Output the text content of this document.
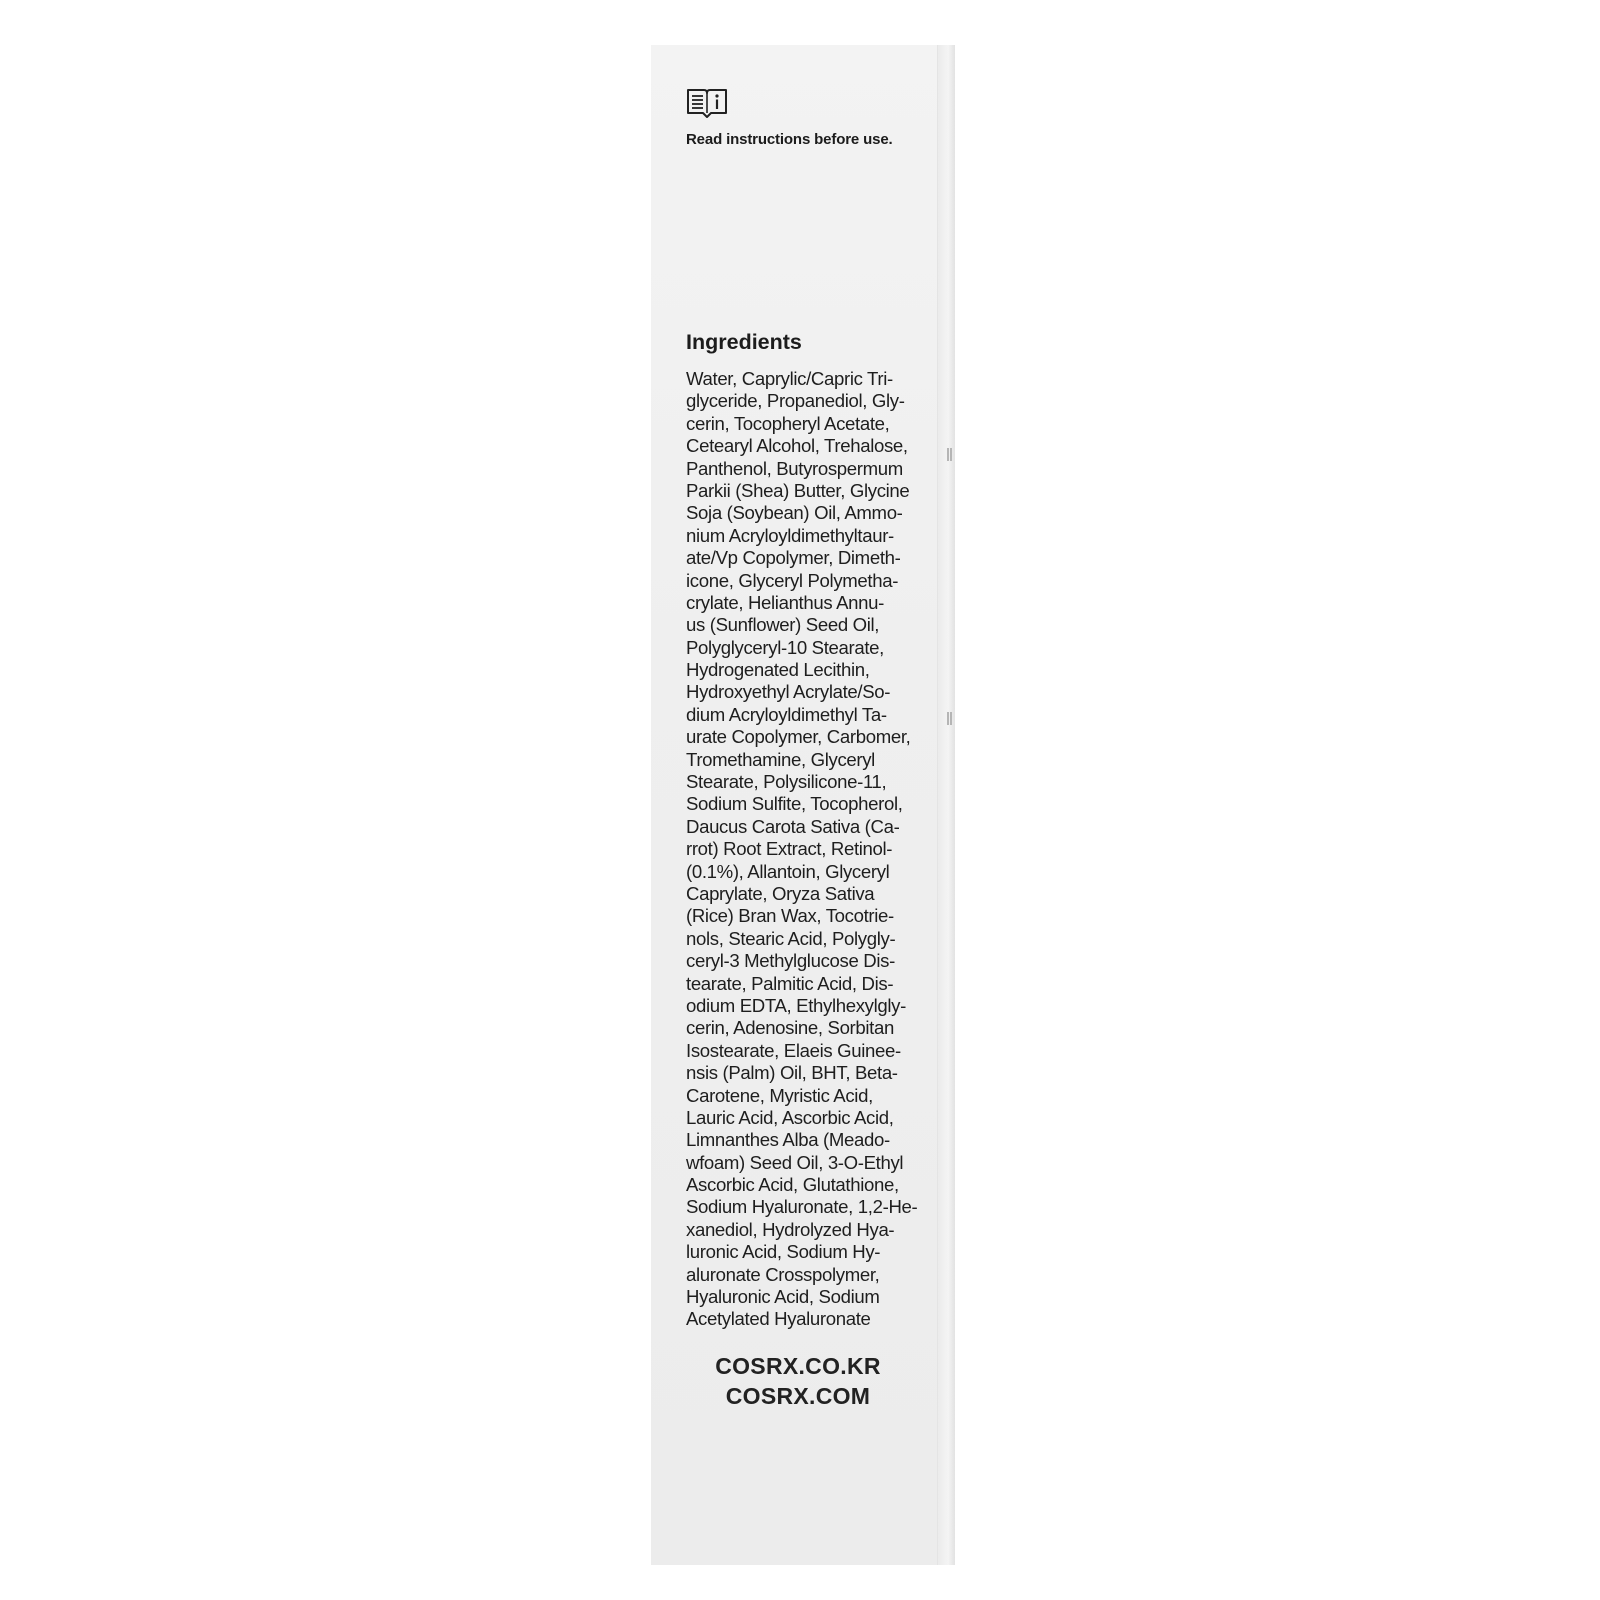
Read instructions before use.
Ingredients
Water, Caprylic/Capric Tri-
glyceride, Propanediol, Gly-
cerin, Tocopheryl Acetate,
Cetearyl Alcohol, Trehalose,
Panthenol, Butyrospermum
Parkii (Shea) Butter, Glycine
Soja (Soybean) Oil, Ammo-
nium Acryloyldimethyltaur-
ate/Vp Copolymer, Dimeth-
icone, Glyceryl Polymetha-
crylate, Helianthus Annu-
us (Sunflower) Seed Oil,
Polyglyceryl-10 Stearate,
Hydrogenated Lecithin,
Hydroxyethyl Acrylate/So-
dium Acryloyldimethyl Ta-
urate Copolymer, Carbomer,
Tromethamine, Glyceryl
Stearate, Polysilicone-11,
Sodium Sulfite, Tocopherol,
Daucus Carota Sativa (Ca-
rrot) Root Extract, Retinol-
(0.1%), Allantoin, Glyceryl
Caprylate, Oryza Sativa
(Rice) Bran Wax, Tocotrie-
nols, Stearic Acid, Polygly-
ceryl-3 Methylglucose Dis-
tearate, Palmitic Acid, Dis-
odium EDTA, Ethylhexylgly-
cerin, Adenosine, Sorbitan
Isostearate, Elaeis Guinee-
nsis (Palm) Oil, BHT, Beta-
Carotene, Myristic Acid,
Lauric Acid, Ascorbic Acid,
Limnanthes Alba (Meado-
wfoam) Seed Oil, 3-O-Ethyl
Ascorbic Acid, Glutathione,
Sodium Hyaluronate, 1,2-He-
xanediol, Hydrolyzed Hya-
luronic Acid, Sodium Hy-
aluronate Crosspolymer,
Hyaluronic Acid, Sodium
Acetylated Hyaluronate
COSRX.CO.KR
COSRX.COM
